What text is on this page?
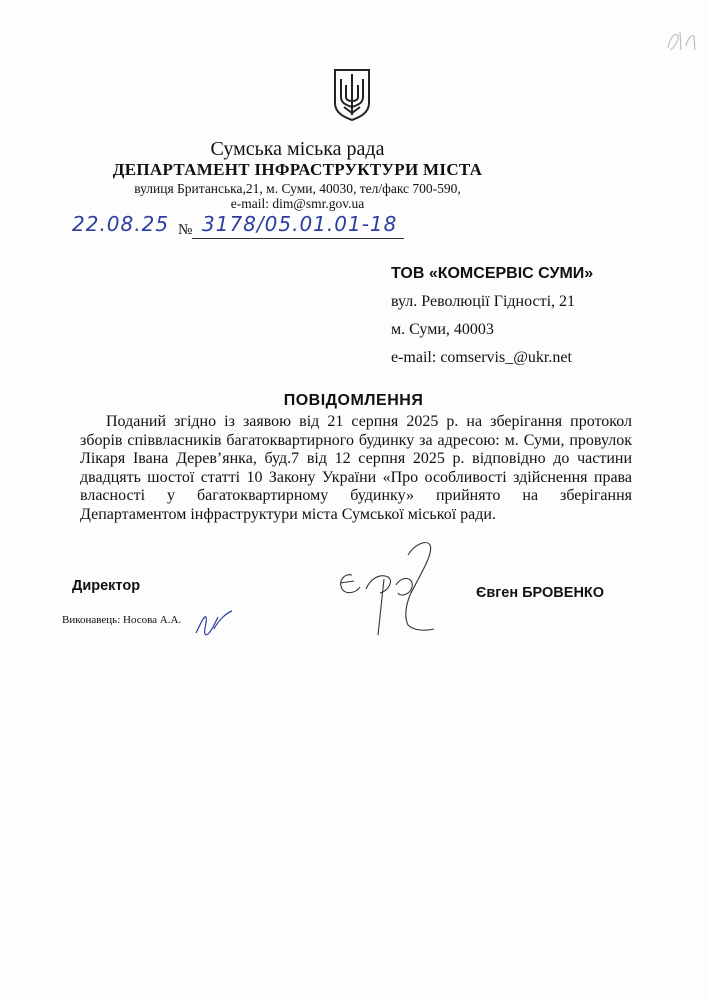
Сумська міська рада
ДЕПАРТАМЕНТ ІНФРАСТРУКТУРИ МІСТА
вулиця Британська,21, м. Суми, 40030, тел/факс 700-590,
e-mail: dim@smr.gov.ua
22.08.25 № 3178/05.01.01-18
ТОВ «КОМСЕРВІС СУМИ»
вул. Революції Гідності, 21
м. Суми, 40003
e-mail: comservis_@ukr.net
ПОВІДОМЛЕННЯ

Поданий згідно із заявою від 21 серпня 2025 р. на зберігання протокол зборів співвласників багатоквартирного будинку за адресою: м. Суми, провулок Лікаря Івана Дерев’янка, буд.7 від 12 серпня 2025 р. відповідно до частини двадцять шостої статті 10 Закону України «Про особливості здійснення права власності у багатоквартирному будинку» прийнято на зберігання Департаментом інфраструктури міста Сумської міської ради.

Директор	Євген БРОВЕНКО
Виконавець: Носова А.А.
